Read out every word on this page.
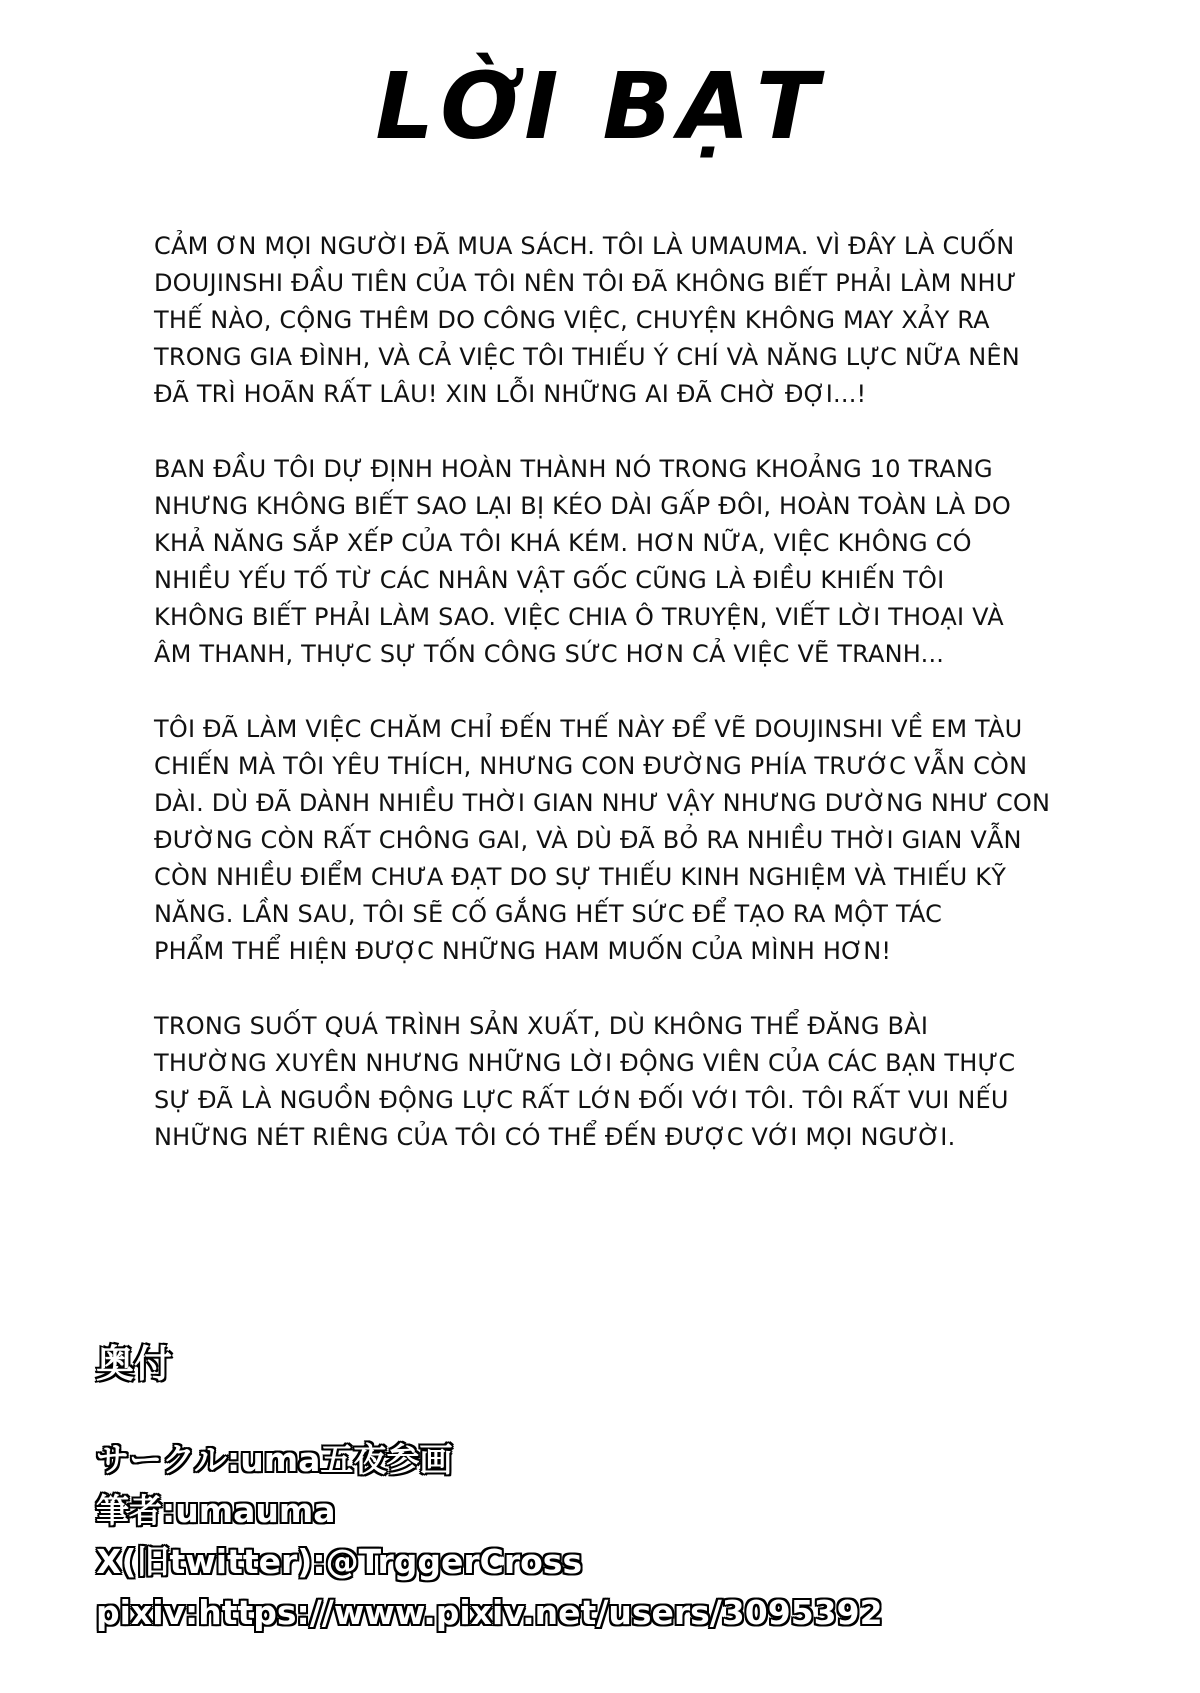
LỜI BẠT
CẢM ƠN MỌI NGƯỜI ĐÃ MUA SÁCH. TÔI LÀ UMAUMA. VÌ ĐÂY LÀ CUỐN
DOUJINSHI ĐẦU TIÊN CỦA TÔI NÊN TÔI ĐÃ KHÔNG BIẾT PHẢI LÀM NHƯ
THẾ NÀO, CỘNG THÊM DO CÔNG VIỆC, CHUYỆN KHÔNG MAY XẢY RA
TRONG GIA ĐÌNH, VÀ CẢ VIỆC TÔI THIẾU Ý CHÍ VÀ NĂNG LỰC NỮA NÊN
ĐÃ TRÌ HOÃN RẤT LÂU! XIN LỖI NHỮNG AI ĐÃ CHỜ ĐỢI...!
BAN ĐẦU TÔI DỰ ĐỊNH HOÀN THÀNH NÓ TRONG KHOẢNG 10 TRANG
NHƯNG KHÔNG BIẾT SAO LẠI BỊ KÉO DÀI GẤP ĐÔI, HOÀN TOÀN LÀ DO
KHẢ NĂNG SẮP XẾP CỦA TÔI KHÁ KÉM. HƠN NỮA, VIỆC KHÔNG CÓ
NHIỀU YẾU TỐ TỪ CÁC NHÂN VẬT GỐC CŨNG LÀ ĐIỀU KHIẾN TÔI
KHÔNG BIẾT PHẢI LÀM SAO. VIỆC CHIA Ô TRUYỆN, VIẾT LỜI THOẠI VÀ
ÂM THANH, THỰC SỰ TỐN CÔNG SỨC HƠN CẢ VIỆC VẼ TRANH...
TÔI ĐÃ LÀM VIỆC CHĂM CHỈ ĐẾN THẾ NÀY ĐỂ VẼ DOUJINSHI VỀ EM TÀU
CHIẾN MÀ TÔI YÊU THÍCH, NHƯNG CON ĐƯỜNG PHÍA TRƯỚC VẪN CÒN
DÀI. DÙ ĐÃ DÀNH NHIỀU THỜI GIAN NHƯ VẬY NHƯNG DƯỜNG NHƯ CON
ĐƯỜNG CÒN RẤT CHÔNG GAI, VÀ DÙ ĐÃ BỎ RA NHIỀU THỜI GIAN VẪN
CÒN NHIỀU ĐIỂM CHƯA ĐẠT DO SỰ THIẾU KINH NGHIỆM VÀ THIẾU KỸ
NĂNG. LẦN SAU, TÔI SẼ CỐ GẮNG HẾT SỨC ĐỂ TẠO RA MỘT TÁC
PHẨM THỂ HIỆN ĐƯỢC NHỮNG HAM MUỐN CỦA MÌNH HƠN!
TRONG SUỐT QUÁ TRÌNH SẢN XUẤT, DÙ KHÔNG THỂ ĐĂNG BÀI
THƯỜNG XUYÊN NHƯNG NHỮNG LỜI ĐỘNG VIÊN CỦA CÁC BẠN THỰC
SỰ ĐÃ LÀ NGUỒN ĐỘNG LỰC RẤT LỚN ĐỐI VỚI TÔI. TÔI RẤT VUI NẾU
NHỮNG NÉT RIÊNG CỦA TÔI CÓ THỂ ĐẾN ĐƯỢC VỚI MỌI NGƯỜI.
奥付
サークル:uma五夜参画
筆者:umauma
X(旧twitter):@TrggerCross
pixiv:https://www.pixiv.net/users/3095392
